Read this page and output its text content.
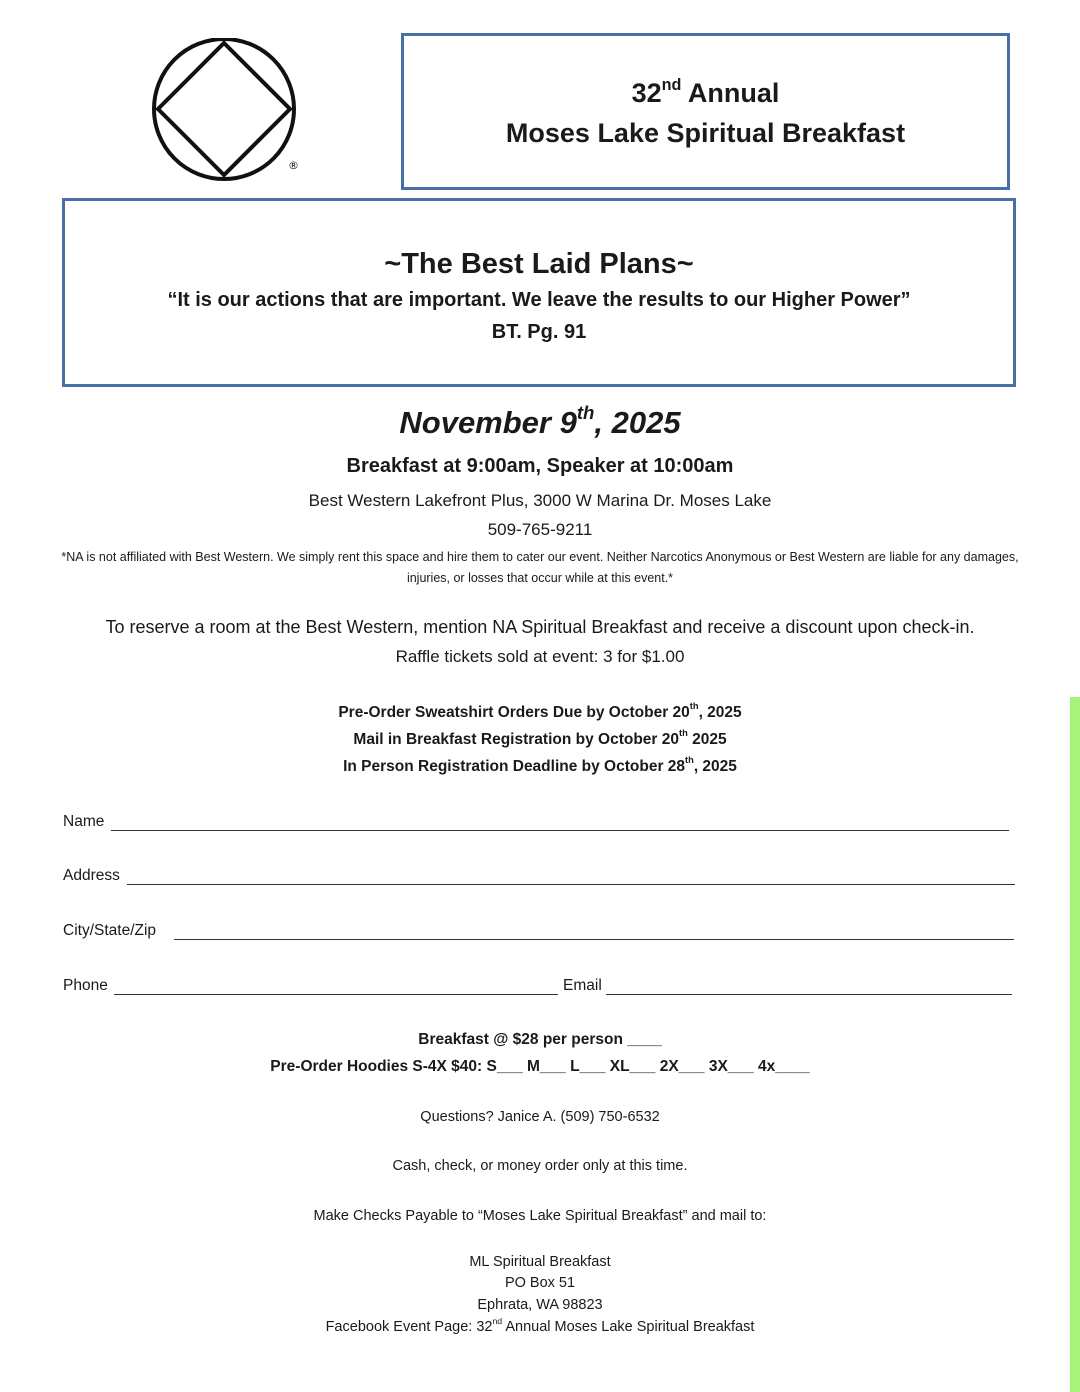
®
32nd Annual
Moses Lake Spiritual Breakfast
~The Best Laid Plans~
“It is our actions that are important. We leave the results to our Higher Power”
BT. Pg. 91
November 9th, 2025
Breakfast at 9:00am, Speaker at 10:00am
Best Western Lakefront Plus, 3000 W Marina Dr. Moses Lake
509-765-9211
*NA is not affiliated with Best Western. We simply rent this space and hire them to cater our event. Neither Narcotics Anonymous or Best Western are liable for any damages, injuries, or losses that occur while at this event.*
To reserve a room at the Best Western, mention NA Spiritual Breakfast and receive a discount upon check-in.
Raffle tickets sold at event: 3 for $1.00
Pre-Order Sweatshirt Orders Due by October 20th, 2025
Mail in Breakfast Registration by October 20th 2025
In Person Registration Deadline by October 28th, 2025
Name
Address
City/State/Zip
Phone	Email
Breakfast @ $28 per person ____
Pre-Order Hoodies S-4X $40: S___ M___ L___ XL___ 2X___ 3X___ 4x____
Questions? Janice A. (509) 750-6532
Cash, check, or money order only at this time.
Make Checks Payable to “Moses Lake Spiritual Breakfast” and mail to:
ML Spiritual Breakfast
PO Box 51
Ephrata, WA 98823
Facebook Event Page: 32nd Annual Moses Lake Spiritual Breakfast
